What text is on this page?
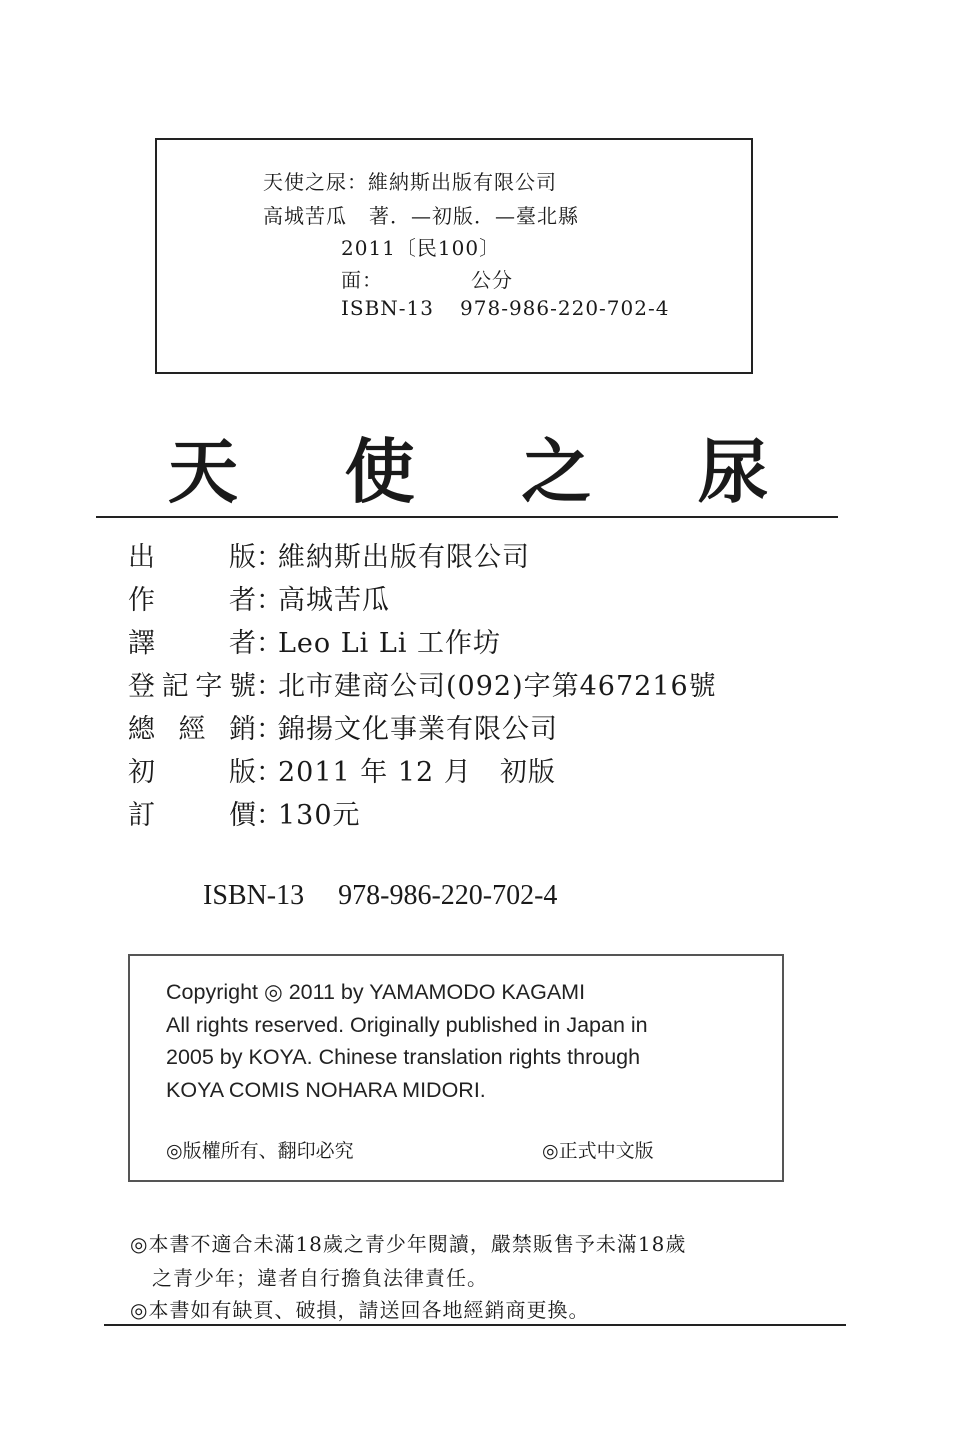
天使之尿：維納斯出版有限公司
高城苦瓜 著．—初版．—臺北縣
2011〔民100〕
面：	公分
ISBN-13 978-986-220-702-4
天 使 之 尿
出	版 ：
維納斯出版有限公司
作	者 ：
高城苦瓜
譯	者 ：
Leo Li Li 工作坊
登 記 字 號 ：
北市建商公司(092)字第467216號
總 經 銷 ：
錦揚文化事業有限公司
初	版 ：
2011 年 12 月　初版
訂	價 ：
130元
ISBN-13 978-986-220-702-4
Copyright ◎ 2011 by YAMAMODO KAGAMI
All rights reserved. Originally published in Japan in
2005 by KOYA. Chinese translation rights through
KOYA COMIS NOHARA MIDORI.
◎版權所有、翻印必究	◎正式中文版
◎本書不適合未滿18歲之青少年閱讀，嚴禁販售予未滿18歲
之青少年；違者自行擔負法律責任。
◎本書如有缺頁、破損，請送回各地經銷商更換。
